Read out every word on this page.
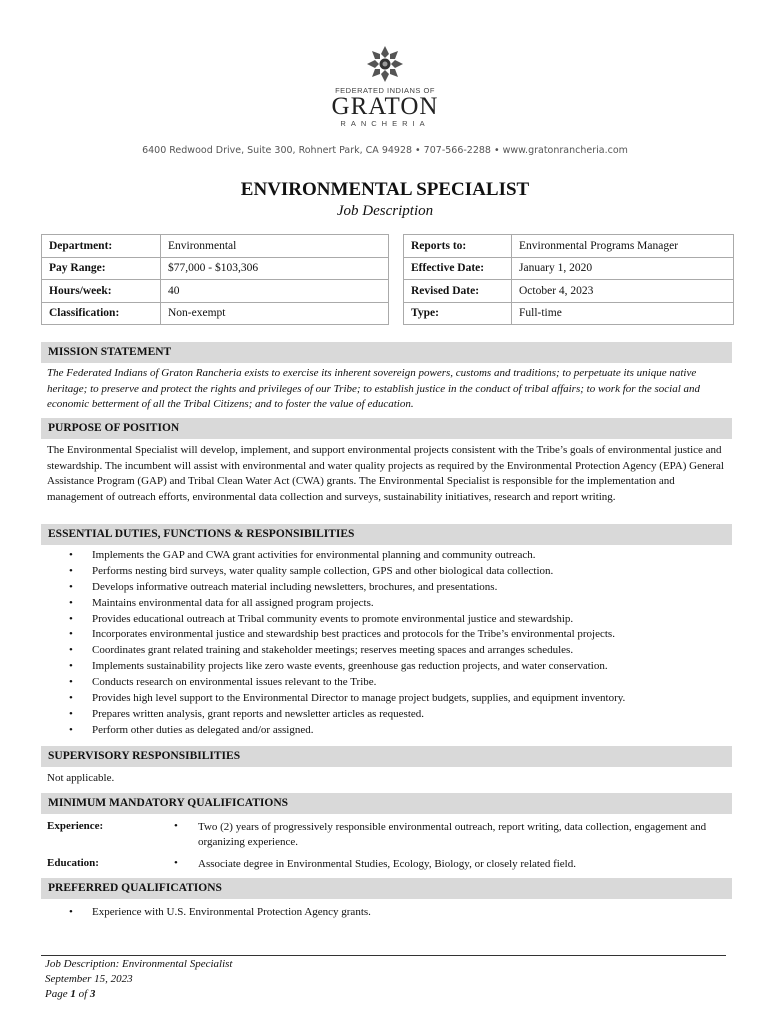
FEDERATED INDIANS OF
GRATON
RANCHERIA
6400 Redwood Drive, Suite 300, Rohnert Park, CA 94928 • 707-566-2288 • www.gratonrancheria.com
ENVIRONMENTAL SPECIALIST
Job Description
Department:	Environmental
Pay Range:	$77,000 - $103,306
Hours/week:	40
Classification:	Non-exempt
Reports to:	Environmental Programs Manager
Effective Date:	January 1, 2020
Revised Date:	October 4, 2023
Type:	Full-time
MISSION STATEMENT
The Federated Indians of Graton Rancheria exists to exercise its inherent sovereign powers, customs and traditions; to perpetuate its unique native heritage; to preserve and protect the rights and privileges of our Tribe; to establish justice in the conduct of tribal affairs; to work for the social and economic betterment of all the Tribal Citizens; and to foster the value of education.
PURPOSE OF POSITION
The Environmental Specialist will develop, implement, and support environmental projects consistent with the Tribe’s goals of environmental justice and stewardship. The incumbent will assist with environmental and water quality projects as required by the Environmental Protection Agency (EPA) General Assistance Program (GAP) and Tribal Clean Water Act (CWA) grants. The Environmental Specialist is responsible for the implementation and management of outreach efforts, environmental data collection and surveys, sustainability initiatives, research and report writing.
ESSENTIAL DUTIES, FUNCTIONS & RESPONSIBILITIES
• Implements the GAP and CWA grant activities for environmental planning and community outreach.
• Performs nesting bird surveys, water quality sample collection, GPS and other biological data collection.
• Develops informative outreach material including newsletters, brochures, and presentations.
• Maintains environmental data for all assigned program projects.
• Provides educational outreach at Tribal community events to promote environmental justice and stewardship.
• Incorporates environmental justice and stewardship best practices and protocols for the Tribe’s environmental projects.
• Coordinates grant related training and stakeholder meetings; reserves meeting spaces and arranges schedules.
• Implements sustainability projects like zero waste events, greenhouse gas reduction projects, and water conservation.
• Conducts research on environmental issues relevant to the Tribe.
• Provides high level support to the Environmental Director to manage project budgets, supplies, and equipment inventory.
• Prepares written analysis, grant reports and newsletter articles as requested.
• Perform other duties as delegated and/or assigned.
SUPERVISORY RESPONSIBILITIES
Not applicable.
MINIMUM MANDATORY QUALIFICATIONS
Experience:	• Two (2) years of progressively responsible environmental outreach, report writing, data collection, engagement and organizing experience.
Education:	• Associate degree in Environmental Studies, Ecology, Biology, or closely related field.
PREFERRED QUALIFICATIONS
• Experience with U.S. Environmental Protection Agency grants.
Job Description: Environmental Specialist
September 15, 2023
Page 1 of 3
